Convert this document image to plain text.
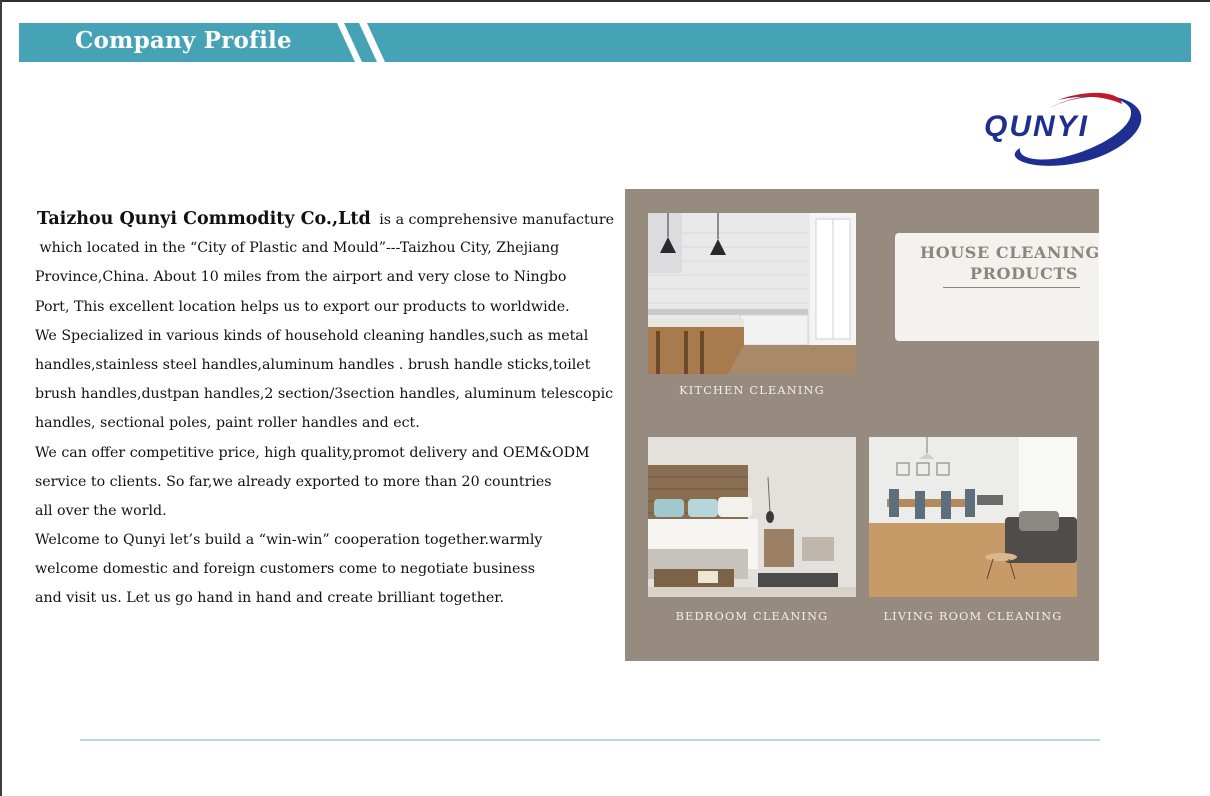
Company Profile
QUNYI
Taizhou Qunyi Commodity Co.,Ltd is a comprehensive manufacture
which located in the “City of Plastic and Mould”---Taizhou City, Zhejiang
Province,China. About 10 miles from the airport and very close to Ningbo
Port, This excellent location helps us to export our products to worldwide.
We Specialized in various kinds of household cleaning handles,such as metal
handles,stainless steel handles,aluminum handles . brush handle sticks,toilet
brush handles,dustpan handles,2 section/3section handles, aluminum telescopic
handles, sectional poles, paint roller handles and ect.
We can offer competitive price, high quality,promot delivery and OEM&ODM
service to clients. So far,we already exported to more than 20 countries
all over the world.
Welcome to Qunyi let’s build a “win-win” cooperation together.warmly
welcome domestic and foreign customers come to negotiate business
and visit us. Let us go hand in hand and create brilliant together.
KITCHEN CLEANING
HOUSE CLEANING
PRODUCTS
BEDROOM CLEANING	LIVING ROOM CLEANING
